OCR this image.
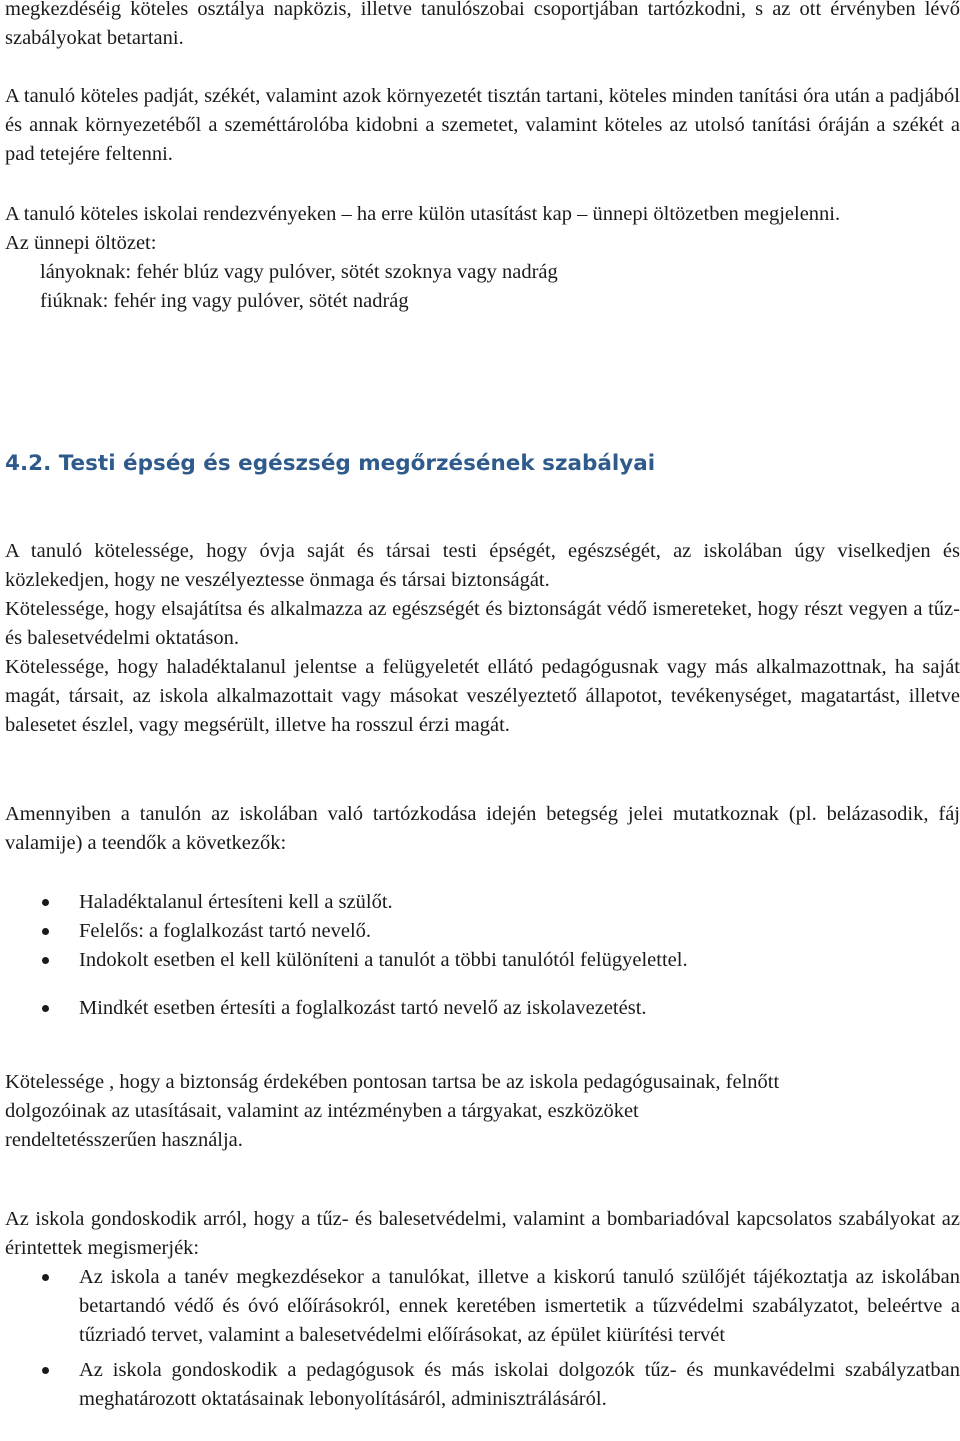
megkezdéséig köteles osztálya napközis, illetve tanulószobai csoportjában tartózkodni, s az ott érvényben lévő szabályokat betartani.

A tanuló köteles padját, székét, valamint azok környezetét tisztán tartani, köteles minden tanítási óra után a padjából és annak környezetéből a szeméttárolóba kidobni a szemetet, valamint köteles az utolsó tanítási óráján a székét a pad tetejére feltenni.

A tanuló köteles iskolai rendezvényeken – ha erre külön utasítást kap – ünnepi öltözetben megjelenni.

Az ünnepi öltözet:

lányoknak: fehér blúz vagy pulóver, sötét szoknya vagy nadrág

fiúknak: fehér ing vagy pulóver, sötét nadrág

4.2. Testi épség és egészség megőrzésének szabályai

A tanuló kötelessége, hogy óvja saját és társai testi épségét, egészségét, az iskolában úgy viselkedjen és közlekedjen, hogy ne veszélyeztesse önmaga és társai biztonságát.

Kötelessége, hogy elsajátítsa és alkalmazza az egészségét és biztonságát védő ismereteket, hogy részt vegyen a tűz- és balesetvédelmi oktatáson.

Kötelessége, hogy haladéktalanul jelentse a felügyeletét ellátó pedagógusnak vagy más alkalmazottnak, ha saját magát, társait, az iskola alkalmazottait vagy másokat veszélyeztető állapotot, tevékenységet, magatartást, illetve balesetet észlel, vagy megsérült, illetve ha rosszul érzi magát.

Amennyiben a tanulón az iskolában való tartózkodása idején betegség jelei mutatkoznak (pl. belázasodik, fáj valamije) a teendők a következők:

Haladéktalanul értesíteni kell a szülőt.
Felelős: a foglalkozást tartó nevelő.
Indokolt esetben el kell különíteni a tanulót a többi tanulótól felügyelettel.
Mindkét esetben értesíti a foglalkozást tartó nevelő az iskolavezetést.

Kötelessége , hogy a biztonság érdekében pontosan tartsa be az iskola pedagógusainak, felnőtt

dolgozóinak az utasításait, valamint az intézményben a tárgyakat, eszközöket

rendeltetésszerűen használja.

Az iskola gondoskodik arról, hogy a tűz- és balesetvédelmi, valamint a bombariadóval kapcsolatos szabályokat az érintettek megismerjék:

Az iskola a tanév megkezdésekor a tanulókat, illetve a kiskorú tanuló szülőjét tájékoztatja az iskolában betartandó védő és óvó előírásokról, ennek keretében ismertetik a tűzvédelmi szabályzatot, beleértve a tűzriadó tervet, valamint a balesetvédelmi előírásokat, az épület kiürítési tervét
Az iskola gondoskodik a pedagógusok és más iskolai dolgozók tűz- és munkavédelmi szabályzatban meghatározott oktatásainak lebonyolításáról, adminisztrálásáról.
